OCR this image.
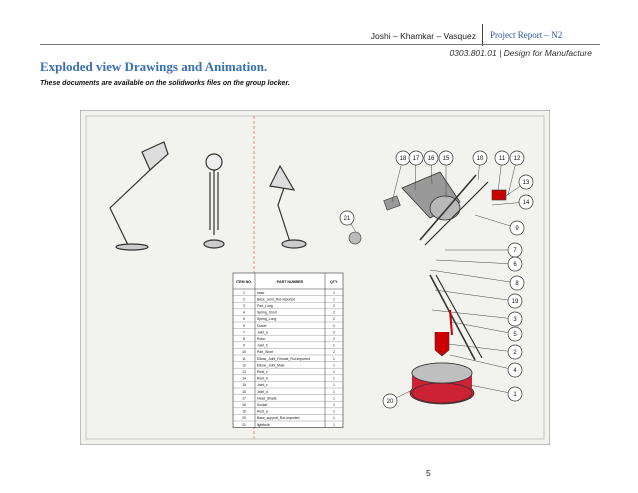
Joshi – Khamkar – Vasquez Project Report – N2
0303.801.01 | Design for Manufacture
Exploded view Drawings and Animation.
These documents are available on the solidworks files on the group locker.
ITEM NO.	PART NUMBER	QTY.
1	base	1
2	Base_Joint_Rot-imported	1
3	Part_Long	2
4	Spring_Short	2
5	Spring_Long	2
6	Dowel	2
7	Joint_a	2
8	Rotor	2
9	Joint_b	1
10	Part_Short	2
11	Elbow_Joint_Female_Rot-imported	1
12	Elbow_Joint_Male	1
13	Rest_c	1
14	Rest_b	1
15	Joint_c	1
16	Joint_d	1
17	Head_Shade	1
18	Socket	1
19	Rest_a	1
20	Base_support_Rot-imported	1
21	lightbulb	1
18 17 16 15	10	11 12
13
14
9
7
6
8
19
3
5
2
4
1
21
20
5
